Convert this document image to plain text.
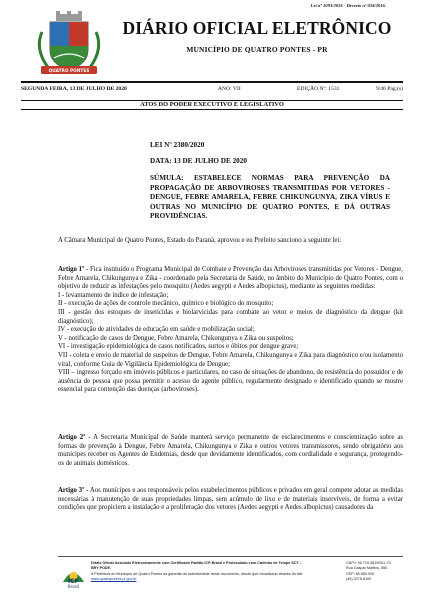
Lei nº 1093/2016 - Decreto nº 034/2016.
QUATRO PONTES
DIÁRIO OFICIAL ELETRÔNICO
MUNICÍPIO DE QUATRO PONTES - PR
SEGUNDA FEIRA, 13 DE JULHO DE 2020	ANO: VII	EDIÇÃO Nº: 1531	9/46 Pag.(s)
ATOS DO PODER EXECUTIVO E LEGISLATIVO
LEI Nº 2380/2020
DATA: 13 DE JULHO DE 2020
SÚMULA: ESTABELECE NORMAS PARA PREVENÇÃO DA PROPAGAÇÃO DE ARBOVIROSES TRANSMITIDAS POR VETORES - DENGUE, FEBRE AMARELA, FEBRE CHIKUNGUNYA, ZIKA VÍRUS E OUTRAS NO MUNICÍPIO DE QUATRO PONTES, E DÁ OUTRAS PROVIDÊNCIAS.

A Câmara Municipal de Quatro Pontes, Estado do Paraná, aprovou e eu Prefeito sanciono a seguinte lei:

Artigo 1º - Fica instituído o Programa Municipal de Combate e Prevenção das Arboviroses transmitidas por Vetores - Dengue, Febre Amarela, Chikungunya e Zika - coordenado pela Secretaria de Saúde, no âmbito do Município de Quatro Pontes, com o objetivo de reduzir as infestações pelo mosquito (Aedes aegypti e Aedes albopictus), mediante as seguintes medidas:

I - levantamento de índice de infestação;

II - execução de ações de controle mecânico, químico e biológico do mosquito;

III - gestão dos estoques de inseticidas e biolarvicidas para combate ao vetor e meios de diagnóstico da dengue (kit diagnóstico);

IV - execução de atividades de educação em saúde e mobilização social;

V - notificação de casos de Dengue, Febre Amarela, Chikungunya e Zika ou suspeitos;

VI - investigação epidemiológica de casos notificados, surtos e óbitos por dengue grave;

VII - coleta e envio de material de suspeitos de Dengue, Febre Amarela, Chikungunya e Zika para diagnóstico e/ou isolamento viral, conforme Guia de Vigilância Epidemiológica de Dengue;

VIII – ingresso forçado em imóveis públicos e particulares, no caso de situações de abandono, de resistência do possuidor e de ausência de pessoa que possa permitir o acesso do agente público, regularmente designado e identificado quando se mostre essencial para contenção das doenças (arboviroses).

Artigo 2º - A Secretaria Municipal de Saúde manterá serviço permanente de esclarecimentos e conscientização sobre as formas de prevenção à Dengue, Febre Amarela, Chikungunya e Zika e outros vetores transmissores, sendo obrigatório aos munícipes receber os Agentes de Endemias, desde que devidamente identificados, com cordialidade e segurança, protegendo-os de animais domésticos.

Artigo 3º - Aos munícipes e aos responsáveis pelos estabelecimentos públicos e privados em geral compete adotar as medidas necessárias à manutenção de suas propriedades limpas, sem acúmulo de lixo e de materiais inservíveis, de forma a evitar condições que propiciem a instalação e a proliferação dos vetores (Aedes aegypti e Aedes albopictus) causadores da

ICP
Brasil
Diário Oficial Assinado Eletronicamente com Certificado Padrão ICP-Brasil e Protocolado com Carimbo de Tempo SCT – BRY PODE.
A Prefeitura do Município de Quatro Pontes dá garantia da autenticidade deste documento, desde que visualizado através do site www.quatropontes.pr.gov.br
CNPJ: 95.719.381/0001-70
Rua Gaspar Martins, 560,
CEP: 85.960-000
(45) 3279-8100
